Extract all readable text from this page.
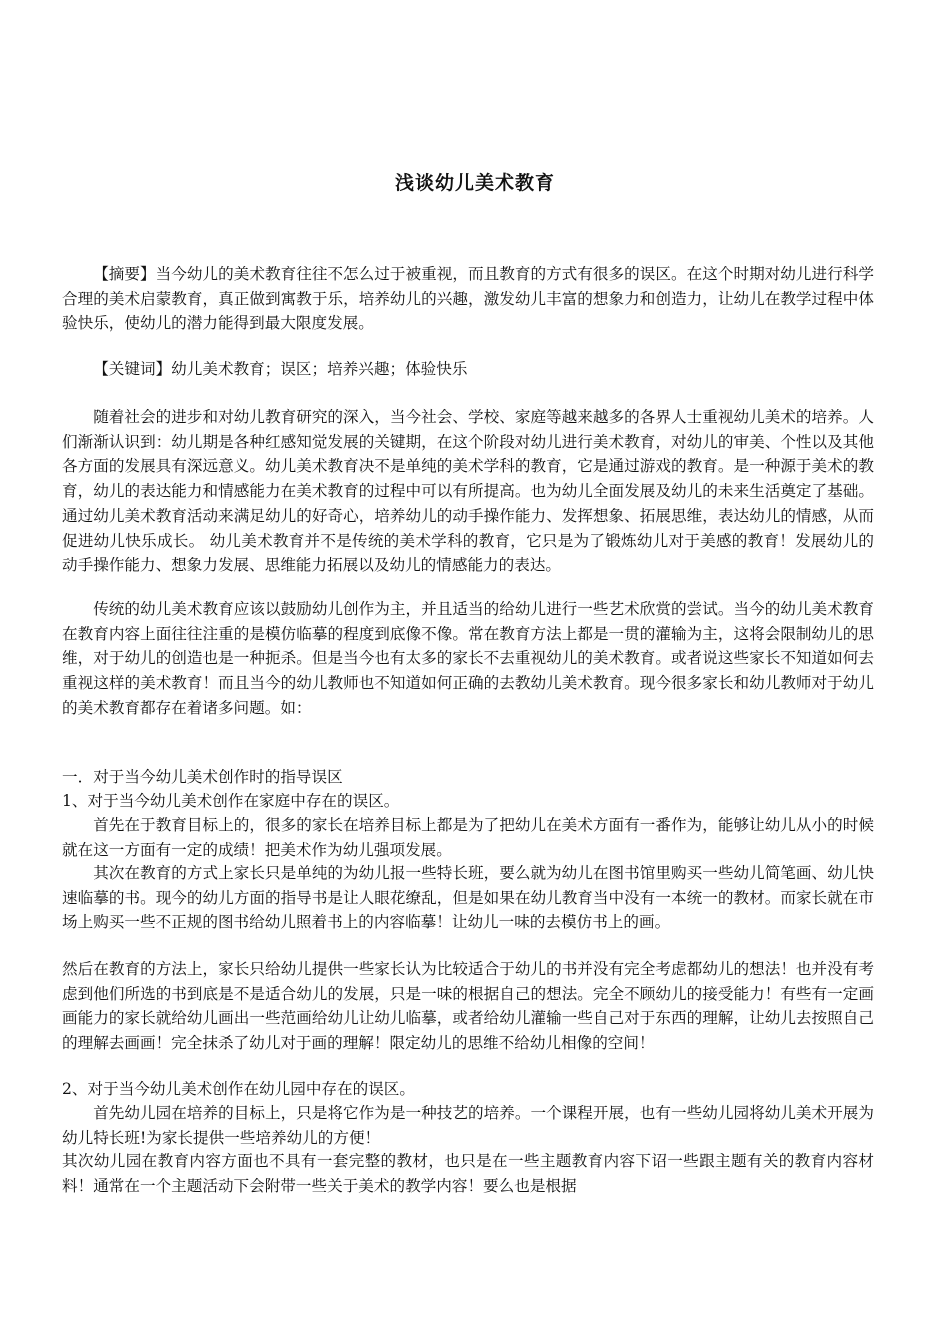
浅谈幼儿美术教育

【摘要】当今幼儿的美术教育往往不怎么过于被重视，而且教育的方式有很多的误区。在这个时期对幼儿进行科学合理的美术启蒙教育，真正做到寓教于乐，培养幼儿的兴趣，激发幼儿丰富的想象力和创造力，让幼儿在教学过程中体验快乐，使幼儿的潜力能得到最大限度发展。

【关键词】幼儿美术教育；误区；培养兴趣；体验快乐

随着社会的进步和对幼儿教育研究的深入，当今社会、学校、家庭等越来越多的各界人士重视幼儿美术的培养。人们渐渐认识到：幼儿期是各种红感知觉发展的关键期，在这个阶段对幼儿进行美术教育，对幼儿的审美、个性以及其他各方面的发展具有深远意义。幼儿美术教育决不是单纯的美术学科的教育，它是通过游戏的教育。是一种源于美术的教育，幼儿的表达能力和情感能力在美术教育的过程中可以有所提高。也为幼儿全面发展及幼儿的未来生活奠定了基础。通过幼儿美术教育活动来满足幼儿的好奇心，培养幼儿的动手操作能力、发挥想象、拓展思维，表达幼儿的情感，从而促进幼儿快乐成长。 幼儿美术教育并不是传统的美术学科的教育，它只是为了锻炼幼儿对于美感的教育！发展幼儿的动手操作能力、想象力发展、思维能力拓展以及幼儿的情感能力的表达。

传统的幼儿美术教育应该以鼓励幼儿创作为主，并且适当的给幼儿进行一些艺术欣赏的尝试。当今的幼儿美术教育在教育内容上面往往注重的是模仿临摹的程度到底像不像。常在教育方法上都是一贯的灌输为主，这将会限制幼儿的思维，对于幼儿的创造也是一种扼杀。但是当今也有太多的家长不去重视幼儿的美术教育。或者说这些家长不知道如何去重视这样的美术教育！而且当今的幼儿教师也不知道如何正确的去教幼儿美术教育。现今很多家长和幼儿教师对于幼儿的美术教育都存在着诸多问题。如：

一．对于当今幼儿美术创作时的指导误区

1、对于当今幼儿美术创作在家庭中存在的误区。

首先在于教育目标上的，很多的家长在培养目标上都是为了把幼儿在美术方面有一番作为，能够让幼儿从小的时候就在这一方面有一定的成绩！把美术作为幼儿强项发展。

其次在教育的方式上家长只是单纯的为幼儿报一些特长班，要么就为幼儿在图书馆里购买一些幼儿简笔画、幼儿快速临摹的书。现今的幼儿方面的指导书是让人眼花缭乱，但是如果在幼儿教育当中没有一本统一的教材。而家长就在市场上购买一些不正规的图书给幼儿照着书上的内容临摹！让幼儿一味的去模仿书上的画。

然后在教育的方法上，家长只给幼儿提供一些家长认为比较适合于幼儿的书并没有完全考虑都幼儿的想法！也并没有考虑到他们所选的书到底是不是适合幼儿的发展，只是一味的根据自己的想法。完全不顾幼儿的接受能力！有些有一定画画能力的家长就给幼儿画出一些范画给幼儿让幼儿临摹，或者给幼儿灌输一些自己对于东西的理解，让幼儿去按照自己的理解去画画！完全抹杀了幼儿对于画的理解！限定幼儿的思维不给幼儿相像的空间！

2、对于当今幼儿美术创作在幼儿园中存在的误区。

首先幼儿园在培养的目标上，只是将它作为是一种技艺的培养。一个课程开展，也有一些幼儿园将幼儿美术开展为幼儿特长班!为家长提供一些培养幼儿的方便！

其次幼儿园在教育内容方面也不具有一套完整的教材，也只是在一些主题教育内容下诏一些跟主题有关的教育内容材料！通常在一个主题活动下会附带一些关于美术的教学内容！要么也是根据
